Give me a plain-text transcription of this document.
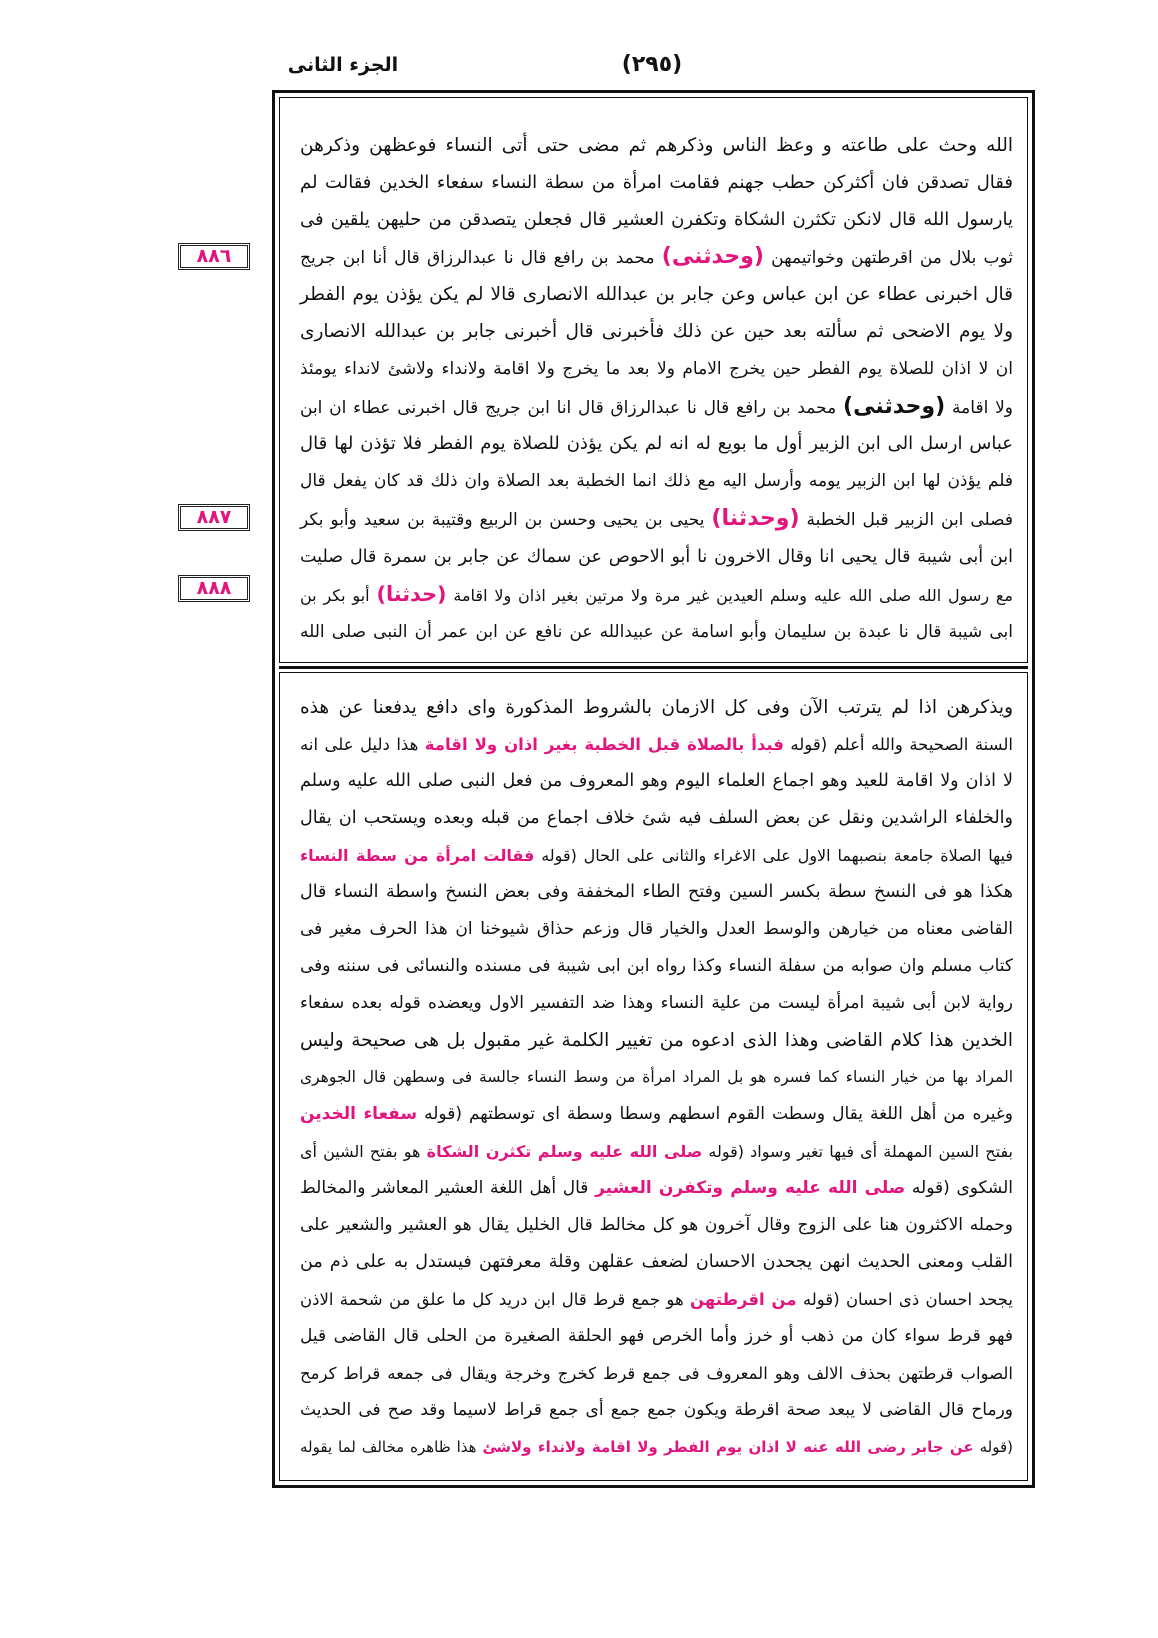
الجزء الثانى	(٢٩٥)
٨٨٦
٨٨٧
٨٨٨
الله وحث على طاعته و وعظ الناس وذكرهم ثم مضى حتى أتى النساء فوعظهن وذكرهن
فقال تصدقن فان أكثركن حطب جهنم فقامت امرأة من سطة النساء سفعاء الخدين فقالت لم
يارسول الله قال لانكن تكثرن الشكاة وتكفرن العشير قال فجعلن يتصدقن من حليهن يلقين فى
ثوب بلال من اقرطتهن وخواتيمهن (وحدثنى) محمد بن رافع قال نا عبدالرزاق قال أنا ابن جريج
قال اخبرنى عطاء عن ابن عباس وعن جابر بن عبدالله الانصارى قالا لم يكن يؤذن يوم الفطر
ولا يوم الاضحى ثم سألته بعد حين عن ذلك فأخبرنى قال أخبرنى جابر بن عبدالله الانصارى
ان لا اذان للصلاة يوم الفطر حين يخرج الامام ولا بعد ما يخرج ولا اقامة ولانداء ولاشئ لانداء يومئذ
ولا اقامة (وحدثنى) محمد بن رافع قال نا عبدالرزاق قال انا ابن جريج قال اخبرنى عطاء ان ابن
عباس ارسل الى ابن الزبير أول ما بويع له انه لم يكن يؤذن للصلاة يوم الفطر فلا تؤذن لها قال
فلم يؤذن لها ابن الزبير يومه وأرسل اليه مع ذلك انما الخطبة بعد الصلاة وان ذلك قد كان يفعل قال
فصلى ابن الزبير قبل الخطبة (وحدثنا) يحيى بن يحيى وحسن بن الربيع وقتيبة بن سعيد وأبو بكر
ابن أبى شيبة قال يحيى انا وقال الاخرون نا أبو الاحوص عن سماك عن جابر بن سمرة قال صليت
مع رسول الله صلى الله عليه وسلم العيدين غير مرة ولا مرتين بغير اذان ولا اقامة (حدثنا) أبو بكر بن
ابى شيبة قال نا عبدة بن سليمان وأبو اسامة عن عبيدالله عن نافع عن ابن عمر أن النبى صلى الله
ويذكرهن اذا لم يترتب الآن وفى كل الازمان بالشروط المذكورة واى دافع يدفعنا عن هذه
السنة الصحيحة والله أعلم (قوله فبدأ بالصلاة قبل الخطبة بغير اذان ولا اقامة هذا دليل على انه
لا اذان ولا اقامة للعيد وهو اجماع العلماء اليوم وهو المعروف من فعل النبى صلى الله عليه وسلم
والخلفاء الراشدين ونقل عن بعض السلف فيه شئ خلاف اجماع من قبله وبعده ويستحب ان يقال
فيها الصلاة جامعة بنصبهما الاول على الاغراء والثانى على الحال (قوله فقالت امرأة من سطة النساء
هكذا هو فى النسخ سطة بكسر السين وفتح الطاء المخففة وفى بعض النسخ واسطة النساء قال
القاضى معناه من خيارهن والوسط العدل والخيار قال وزعم حذاق شيوخنا ان هذا الحرف مغير فى
كتاب مسلم وان صوابه من سفلة النساء وكذا رواه ابن ابى شيبة فى مسنده والنسائى فى سننه وفى
رواية لابن أبى شيبة امرأة ليست من علية النساء وهذا ضد التفسير الاول ويعضده قوله بعده سفعاء
الخدين هذا كلام القاضى وهذا الذى ادعوه من تغيير الكلمة غير مقبول بل هى صحيحة وليس
المراد بها من خيار النساء كما فسره هو بل المراد امرأة من وسط النساء جالسة فى وسطهن قال الجوهرى
وغيره من أهل اللغة يقال وسطت القوم اسطهم وسطا وسطة اى توسطتهم (قوله سفعاء الخدين
بفتح السين المهملة أى فيها تغير وسواد (قوله صلى الله عليه وسلم تكثرن الشكاة هو بفتح الشين أى
الشكوى (قوله صلى الله عليه وسلم وتكفرن العشير قال أهل اللغة العشير المعاشر والمخالط
وحمله الاكثرون هنا على الزوج وقال آخرون هو كل مخالط قال الخليل يقال هو العشير والشعير على
القلب ومعنى الحديث انهن يجحدن الاحسان لضعف عقلهن وقلة معرفتهن فيستدل به على ذم من
يجحد احسان ذى احسان (قوله من اقرطتهن هو جمع قرط قال ابن دريد كل ما علق من شحمة الاذن
فهو قرط سواء كان من ذهب أو خرز وأما الخرص فهو الحلقة الصغيرة من الحلى قال القاضى قيل
الصواب قرطتهن بحذف الالف وهو المعروف فى جمع قرط كخرج وخرجة ويقال فى جمعه قراط كرمح
ورماح قال القاضى لا يبعد صحة اقرطة ويكون جمع جمع أى جمع قراط لاسيما وقد صح فى الحديث
(قوله عن جابر رضى الله عنه لا اذان يوم الفطر ولا اقامة ولانداء ولاشئ هذا ظاهره مخالف لما يقوله
